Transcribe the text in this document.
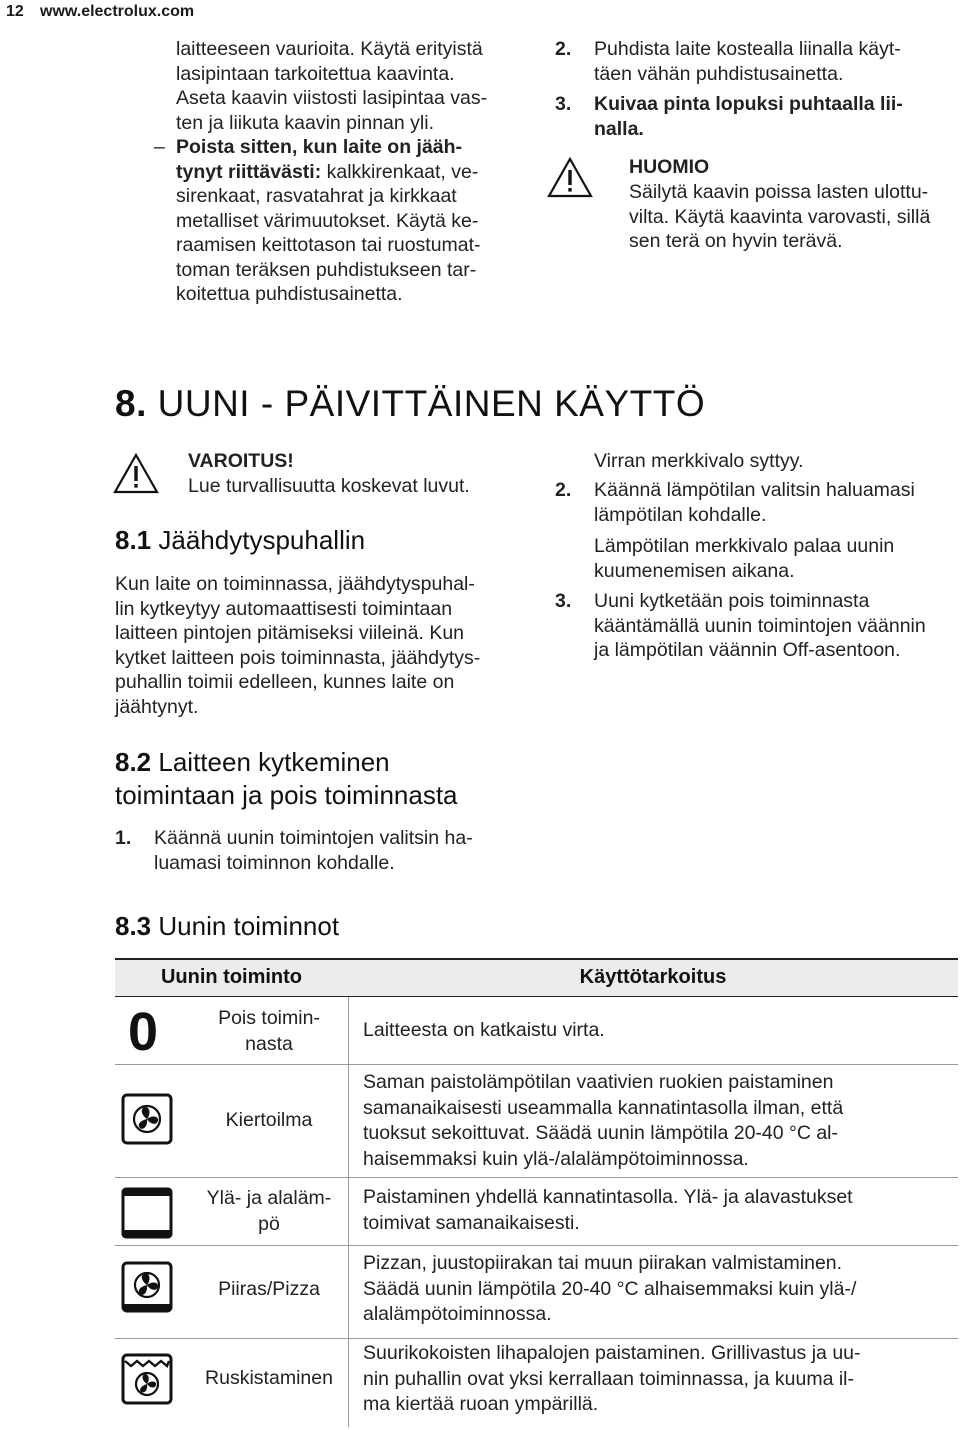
12 www.electrolux.com
laitteeseen vaurioita. Käytä erityistä
lasipintaan tarkoitettua kaavinta.
Aseta kaavin viistosti lasipintaa vas-
ten ja liikuta kaavin pinnan yli.
– Poista sitten, kun laite on jääh-
tynyt riittävästi: kalkkirenkaat, ve-
sirenkaat, rasvatahrat ja kirkkaat
metalliset värimuutokset. Käytä ke-
raamisen keittotason tai ruostumat-
toman teräksen puhdistukseen tar-
koitettua puhdistusainetta.
2. Puhdista laite kostealla liinalla käyt-
täen vähän puhdistusainetta.
3. Kuivaa pinta lopuksi puhtaalla lii-
nalla.
HUOMIO
Säilytä kaavin poissa lasten ulottu-
vilta. Käytä kaavinta varovasti, sillä
sen terä on hyvin terävä.
8. UUNI - PÄIVITTÄINEN KÄYTTÖ
VAROITUS!
Lue turvallisuutta koskevat luvut.
8.1 Jäähdytyspuhallin
Kun laite on toiminnassa, jäähdytyspuhal-
lin kytkeytyy automaattisesti toimintaan
laitteen pintojen pitämiseksi viileinä. Kun
kytket laitteen pois toiminnasta, jäähdytys-
puhallin toimii edelleen, kunnes laite on
jäähtynyt.
8.2 Laitteen kytkeminen
toimintaan ja pois toiminnasta
1. Käännä uunin toimintojen valitsin ha-
luamasi toiminnon kohdalle.
Virran merkkivalo syttyy.
2. Käännä lämpötilan valitsin haluamasi
lämpötilan kohdalle.
Lämpötilan merkkivalo palaa uunin
kuumenemisen aikana.
3. Uuni kytketään pois toiminnasta
kääntämällä uunin toimintojen väännin
ja lämpötilan väännin Off-asentoon.
8.3 Uunin toiminnot
Uunin toiminto	Käyttötarkoitus
0	Pois toimin-
nasta
Laitteesta on katkaistu virta.
Kiertoilma
Saman paistolämpötilan vaativien ruokien paistaminen
samanaikaisesti useammalla kannatintasolla ilman, että
tuoksut sekoittuvat. Säädä uunin lämpötila 20-40 °C al-
haisemmaksi kuin ylä-/alalämpötoiminnossa.
Ylä- ja alaläm-
pö
Paistaminen yhdellä kannatintasolla. Ylä- ja alavastukset
toimivat samanaikaisesti.
Piiras/Pizza
Pizzan, juustopiirakan tai muun piirakan valmistaminen.
Säädä uunin lämpötila 20-40 °C alhaisemmaksi kuin ylä-/
alalämpötoiminnossa.
Ruskistaminen
Suurikokoisten lihapalojen paistaminen. Grillivastus ja uu-
nin puhallin ovat yksi kerrallaan toiminnassa, ja kuuma il-
ma kiertää ruoan ympärillä.
